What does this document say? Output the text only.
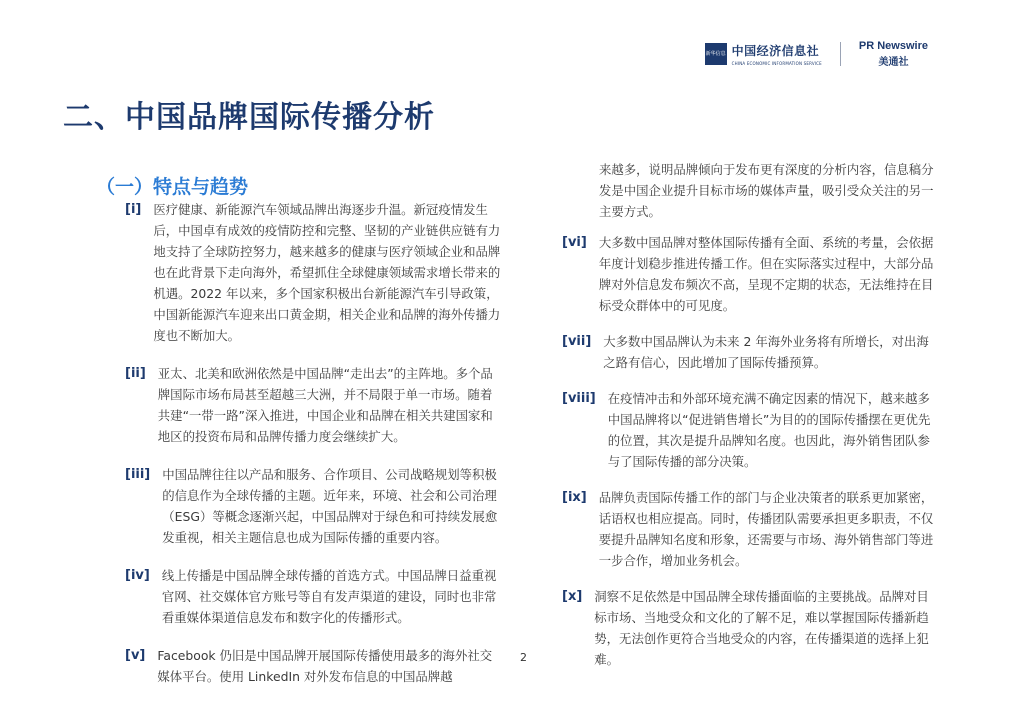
新华信息 中国经济信息社
CHINA ECONOMIC INFORMATION SERVICE
PR Newswire
美通社
二、中国品牌国际传播分析
（一）特点与趋势
[i] 医疗健康、新能源汽车领域品牌出海逐步升温。新冠疫情发生后，中国卓有成效的疫情防控和完整、坚韧的产业链供应链有力地支持了全球防控努力，越来越多的健康与医疗领域企业和品牌也在此背景下走向海外，希望抓住全球健康领域需求增长带来的机遇。2022 年以来，多个国家积极出台新能源汽车引导政策，中国新能源汽车迎来出口黄金期，相关企业和品牌的海外传播力度也不断加大。

[ii] 亚太、北美和欧洲依然是中国品牌“走出去”的主阵地。多个品牌国际市场布局甚至超越三大洲，并不局限于单一市场。随着共建“一带一路”深入推进，中国企业和品牌在相关共建国家和地区的投资布局和品牌传播力度会继续扩大。

[iii] 中国品牌往往以产品和服务、合作项目、公司战略规划等积极的信息作为全球传播的主题。近年来，环境、社会和公司治理（ESG）等概念逐渐兴起，中国品牌对于绿色和可持续发展愈发重视，相关主题信息也成为国际传播的重要内容。

[iv] 线上传播是中国品牌全球传播的首选方式。中国品牌日益重视官网、社交媒体官方账号等自有发声渠道的建设，同时也非常看重媒体渠道信息发布和数字化的传播形式。

[v] Facebook 仍旧是中国品牌开展国际传播使用最多的海外社交媒体平台。使用 LinkedIn 对外发布信息的中国品牌越

来越多，说明品牌倾向于发布更有深度的分析内容，信息稿分发是中国企业提升目标市场的媒体声量，吸引受众关注的另一主要方式。

[vi] 大多数中国品牌对整体国际传播有全面、系统的考量，会依据年度计划稳步推进传播工作。但在实际落实过程中，大部分品牌对外信息发布频次不高，呈现不定期的状态，无法维持在目标受众群体中的可见度。

[vii] 大多数中国品牌认为未来 2 年海外业务将有所增长，对出海之路有信心，因此增加了国际传播预算。

[viii] 在疫情冲击和外部环境充满不确定因素的情况下，越来越多中国品牌将以“促进销售增长”为目的的国际传播摆在更优先的位置，其次是提升品牌知名度。也因此，海外销售团队参与了国际传播的部分决策。

[ix] 品牌负责国际传播工作的部门与企业决策者的联系更加紧密，话语权也相应提高。同时，传播团队需要承担更多职责，不仅要提升品牌知名度和形象，还需要与市场、海外销售部门等进一步合作，增加业务机会。

[x] 洞察不足依然是中国品牌全球传播面临的主要挑战。品牌对目标市场、当地受众和文化的了解不足，难以掌握国际传播新趋势，无法创作更符合当地受众的内容，在传播渠道的选择上犯难。

2
